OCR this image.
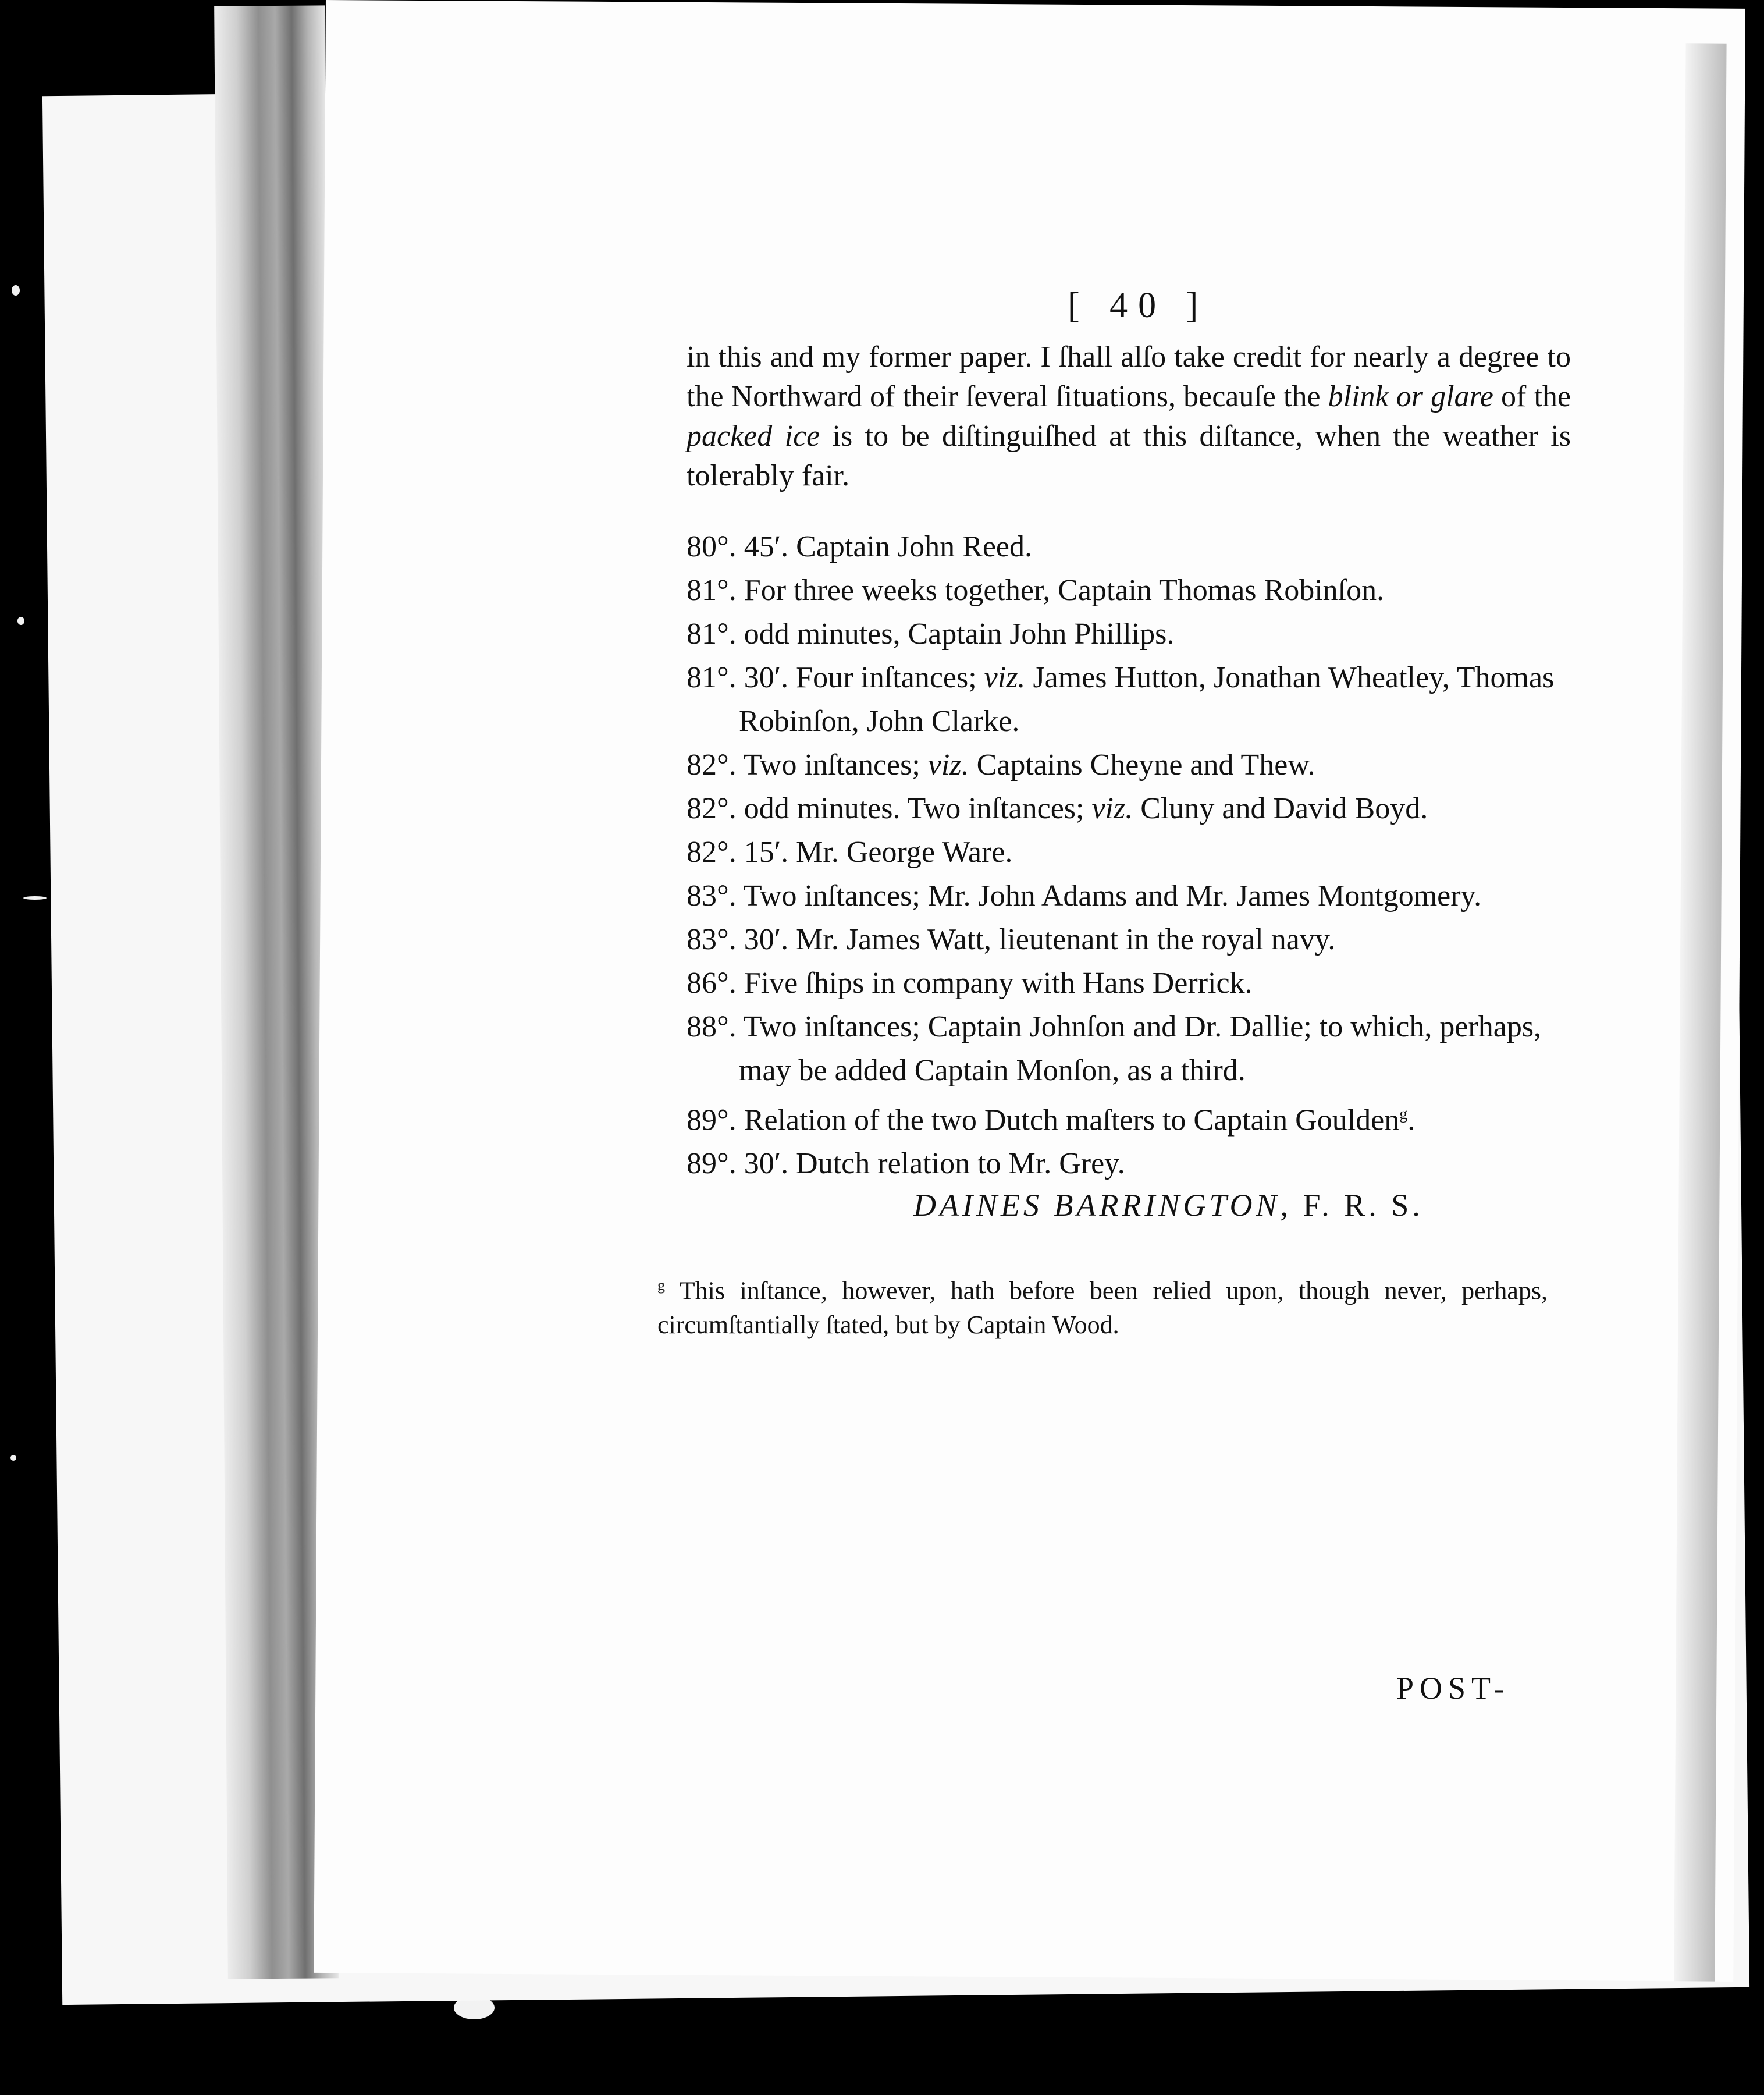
[ 40 ]

in this and my former paper. I ſhall alſo take credit for nearly a degree to the Northward of their ſeveral ſituations, becauſe the blink or glare of the packed ice is to be diſtinguiſhed at this diſtance, when the weather is tolerably fair.

80°. 45′. Captain John Reed.

81°. For three weeks together, Captain Thomas Robinſon.

81°. odd minutes, Captain John Phillips.

81°. 30′. Four inſtances; viz. James Hutton, Jonathan Wheatley, Thomas Robinſon, John Clarke.

82°. Two inſtances; viz. Captains Cheyne and Thew.

82°. odd minutes. Two inſtances; viz. Cluny and David Boyd.

82°. 15′. Mr. George Ware.

83°. Two inſtances; Mr. John Adams and Mr. James Montgomery.

83°. 30′. Mr. James Watt, lieutenant in the royal navy.

86°. Five ſhips in company with Hans Derrick.

88°. Two inſtances; Captain Johnſon and Dr. Dallie; to which, perhaps, may be added Captain Monſon, as a third.

89°. Relation of the two Dutch maſters to Captain Goulden$^g$.

89°. 30′. Dutch relation to Mr. Grey.

DAINES BARRINGTON, F. R. S.
$^g$ This inſtance, however, hath before been relied upon, though never, perhaps, circumſtantially ſtated, but by Captain Wood.
POST-
